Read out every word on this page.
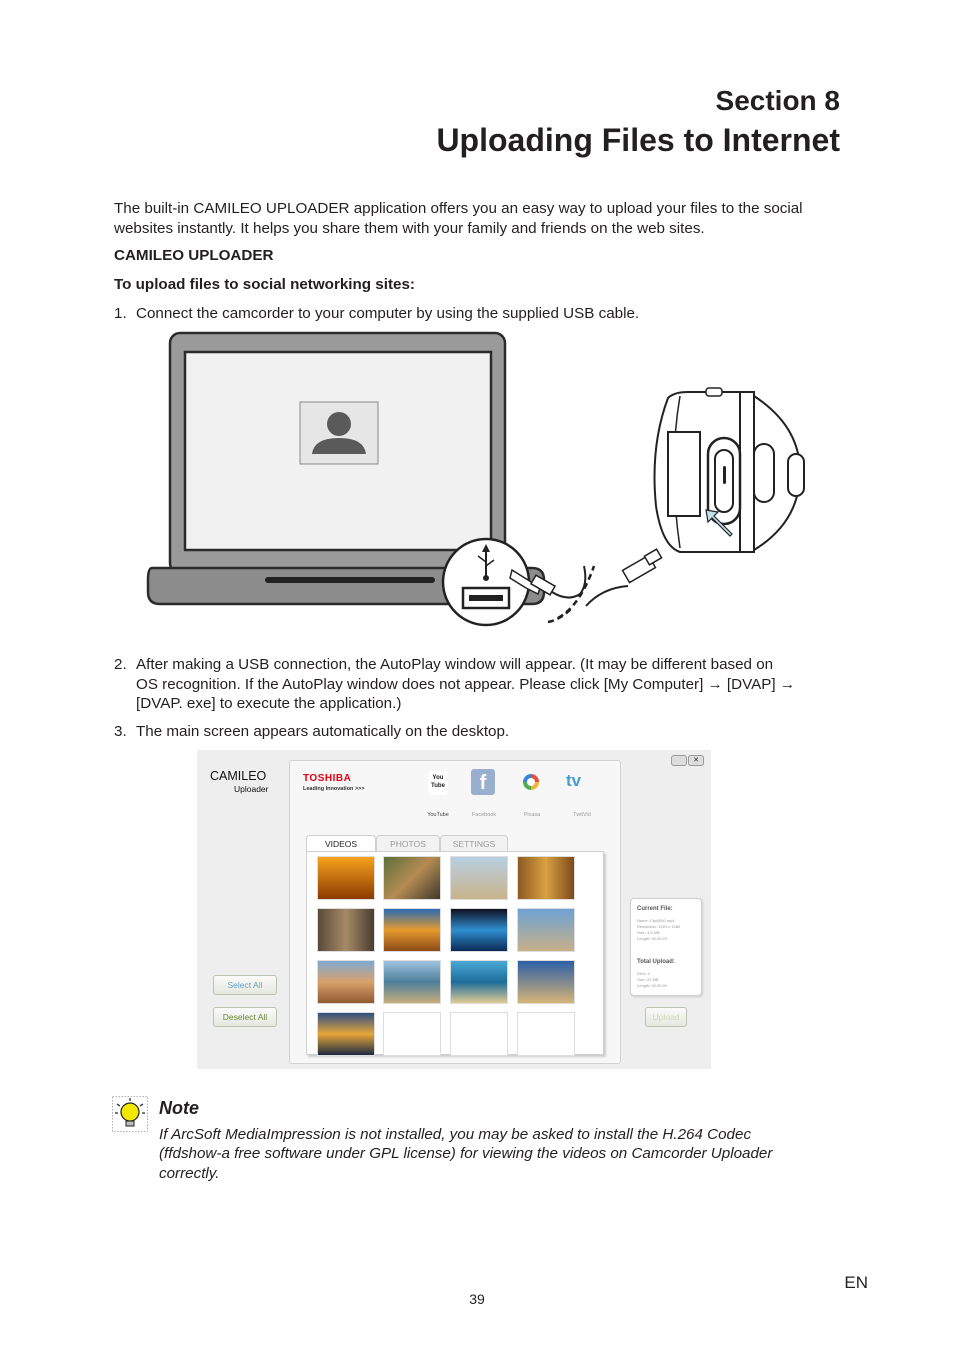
Section 8
Uploading Files to Internet
The built-in CAMILEO UPLOADER application offers you an easy way to upload your files to the social websites instantly. It helps you share them with your family and friends on the web sites.
CAMILEO UPLOADER
To upload files to social networking sites:
1. Connect the camcorder to your computer by using the supplied USB cable.
2. After making a USB connection, the AutoPlay window will appear. (It may be different based on
OS recognition. If the AutoPlay window does not appear. Please click [My Computer] → [DVAP] →
[DVAP. exe] to execute the application.)
3. The main screen appears automatically on the desktop.
✕
CAMILEO
Uploader
TOSHIBA
Leading Innovation >>>
You Tube	f	tv
YouTube	Facebook	Picasa	TwitVid
VIDEOS	PHOTOS	SETTINGS
Select All
Deselect All
Current File:
Name: Clip0000.mp4
Resolution: 1920 x 1080
Size: 4.6 MB
Length: 00:00:23
Total Upload:
Files: 4
Size: 20 MB
Length: 00:00:00
Upload
Note
If ArcSoft MediaImpression is not installed, you may be asked to install the H.264 Codec
(ffdshow-a free software under GPL license) for viewing the videos on Camcorder Uploader
correctly.
EN
39
